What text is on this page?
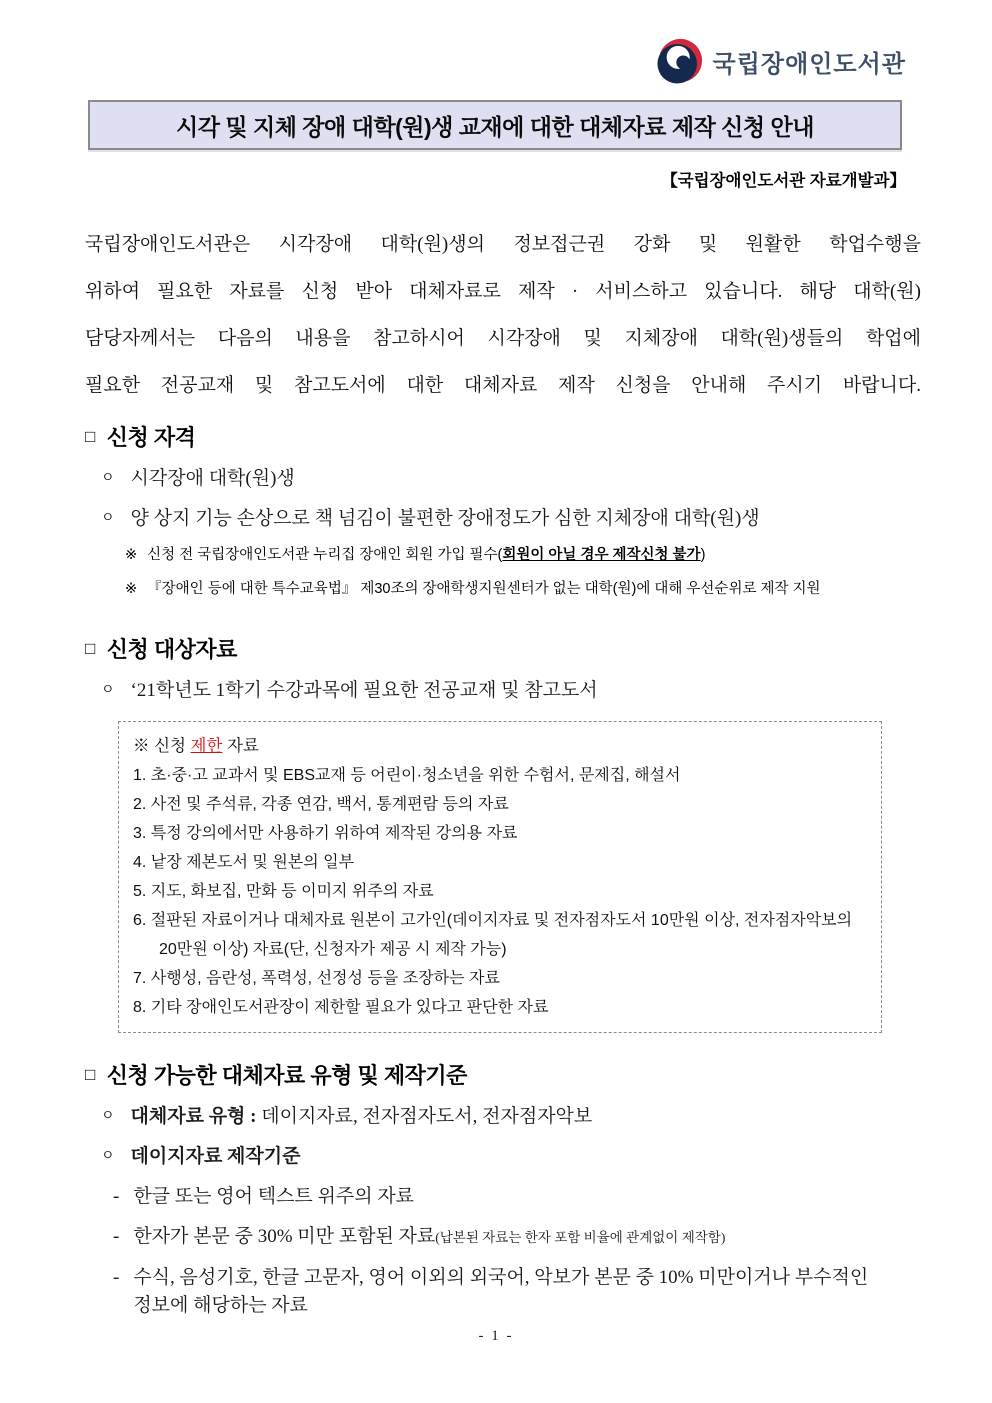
국립장애인도서관
시각 및 지체 장애 대학(원)생 교재에 대한 대체자료 제작 신청 안내
【국립장애인도서관 자료개발과】

국립장애인도서관은 시각장애 대학(원)생의 정보접근권 강화 및 원활한 학업수행을

위하여 필요한 자료를 신청 받아 대체자료로 제작 · 서비스하고 있습니다. 해당 대학(원)

담당자께서는 다음의 내용을 참고하시어 시각장애 및 지체장애 대학(원)생들의 학업에

필요한 전공교재 및 참고도서에 대한 대체자료 제작 신청을 안내해 주시기 바랍니다.

□ 신청 자격
ㅇ 시각장애 대학(원)생
ㅇ 양 상지 기능 손상으로 책 넘김이 불편한 장애정도가 심한 지체장애 대학(원)생
※ 신청 전 국립장애인도서관 누리집 장애인 회원 가입 필수(회원이 아닐 경우 제작신청 불가)
※ 『장애인 등에 대한 특수교육법』 제30조의 장애학생지원센터가 없는 대학(원)에 대해 우선순위로 제작 지원
□ 신청 대상자료
ㅇ ‘21학년도 1학기 수강과목에 필요한 전공교재 및 참고도서
※ 신청 제한 자료
1. 초·중·고 교과서 및 EBS교재 등 어린이·청소년을 위한 수험서, 문제집, 해설서
2. 사전 및 주석류, 각종 연감, 백서, 통계편람 등의 자료
3. 특정 강의에서만 사용하기 위하여 제작된 강의용 자료
4. 낱장 제본도서 및 원본의 일부
5. 지도, 화보집, 만화 등 이미지 위주의 자료
6. 절판된 자료이거나 대체자료 원본이 고가인(데이지자료 및 전자점자도서 10만원 이상, 전자점자악보의 20만원 이상) 자료(단, 신청자가 제공 시 제작 가능)
7. 사행성, 음란성, 폭력성, 선정성 등을 조장하는 자료
8. 기타 장애인도서관장이 제한할 필요가 있다고 판단한 자료
□ 신청 가능한 대체자료 유형 및 제작기준
ㅇ 대체자료 유형 : 데이지자료, 전자점자도서, 전자점자악보
ㅇ 데이지자료 제작기준
- 한글 또는 영어 텍스트 위주의 자료
- 한자가 본문 중 30% 미만 포함된 자료(납본된 자료는 한자 포함 비율에 관계없이 제작함)
- 수식, 음성기호, 한글 고문자, 영어 이외의 외국어, 악보가 본문 중 10% 미만이거나 부수적인 정보에 해당하는 자료
- 1 -
